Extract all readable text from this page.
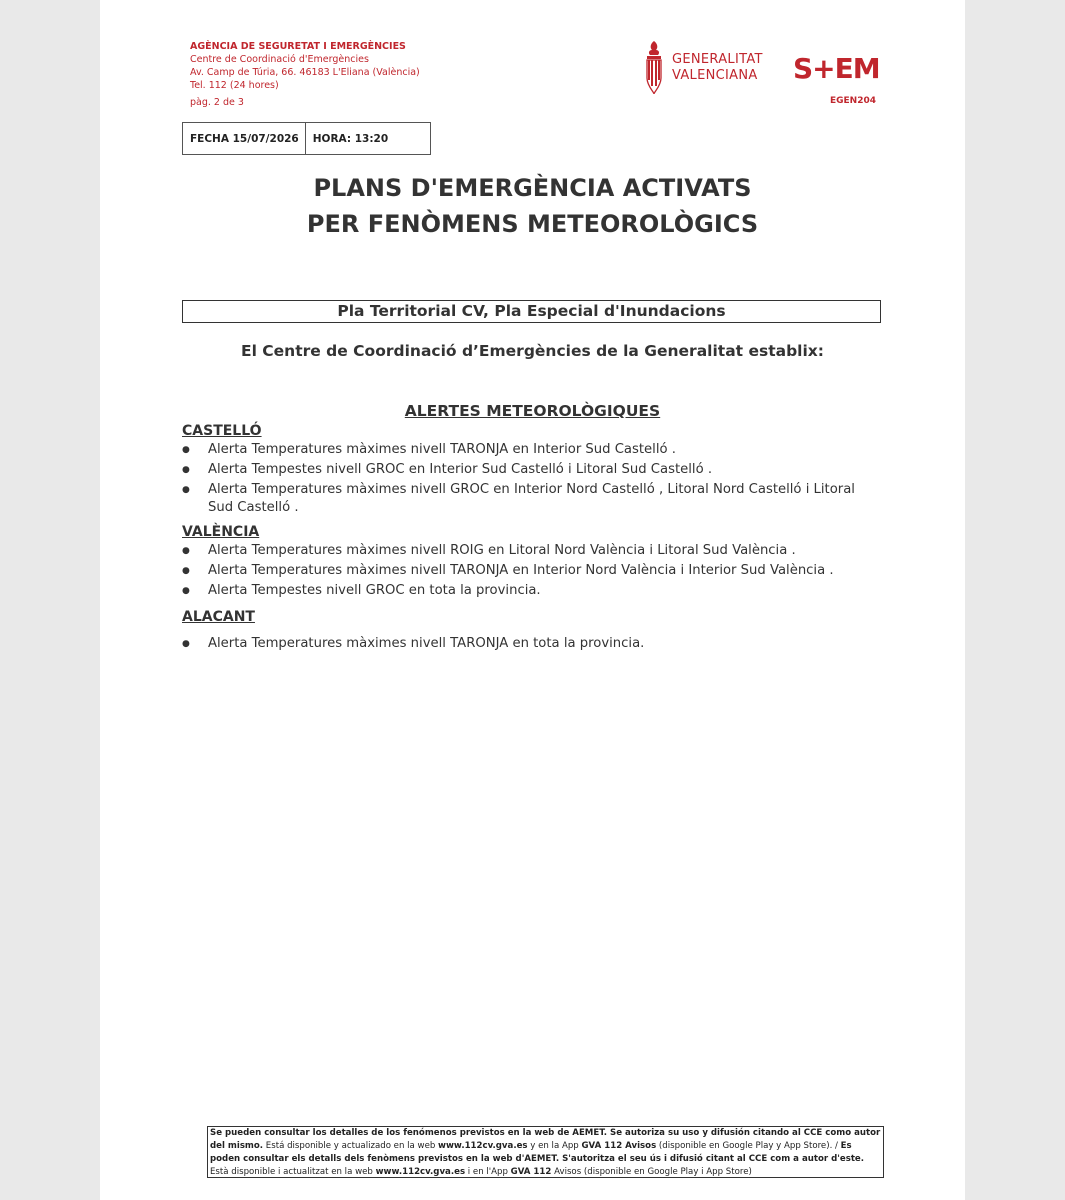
AGÈNCIA DE SEGURETAT I EMERGÈNCIES
Centre de Coordinació d'Emergències
Av. Camp de Túria, 66. 46183 L'Eliana (València)
Tel. 112 (24 hores)
pàg. 2 de 3
GENERALITAT
VALENCIANA S+EM
EGEN204
FECHA 15/07/2026	HORA: 13:20
PLANS D'EMERGÈNCIA ACTIVATS
PER FENÒMENS METEOROLÒGICS
Pla Territorial CV, Pla Especial d'Inundacions
El Centre de Coordinació d’Emergències de la Generalitat establix:
ALERTES METEOROLÒGIQUES
CASTELLÓ
● Alerta Temperatures màximes nivell TARONJA en Interior Sud Castelló .
● Alerta Tempestes nivell GROC en Interior Sud Castelló i Litoral Sud Castelló .
● Alerta Temperatures màximes nivell GROC en Interior Nord Castelló , Litoral Nord Castelló i Litoral Sud Castelló .
VALÈNCIA
● Alerta Temperatures màximes nivell ROIG en Litoral Nord València i Litoral Sud València .
● Alerta Temperatures màximes nivell TARONJA en Interior Nord València i Interior Sud València .
● Alerta Tempestes nivell GROC en tota la provincia.
ALACANT
● Alerta Temperatures màximes nivell TARONJA en tota la provincia.
Se pueden consultar los detalles de los fenómenos previstos en la web de AEMET. Se autoriza su uso y difusión citando al CCE como autor del mismo. Está disponible y actualizado en la web www.112cv.gva.es y en la App GVA 112 Avisos (disponible en Google Play y App Store). / Es poden consultar els detalls dels fenòmens previstos en la web d'AEMET. S'autoritza el seu ús i difusió citant al CCE com a autor d'este. Està disponible i actualitzat en la web www.112cv.gva.es i en l'App GVA 112 Avisos (disponible en Google Play i App Store)
